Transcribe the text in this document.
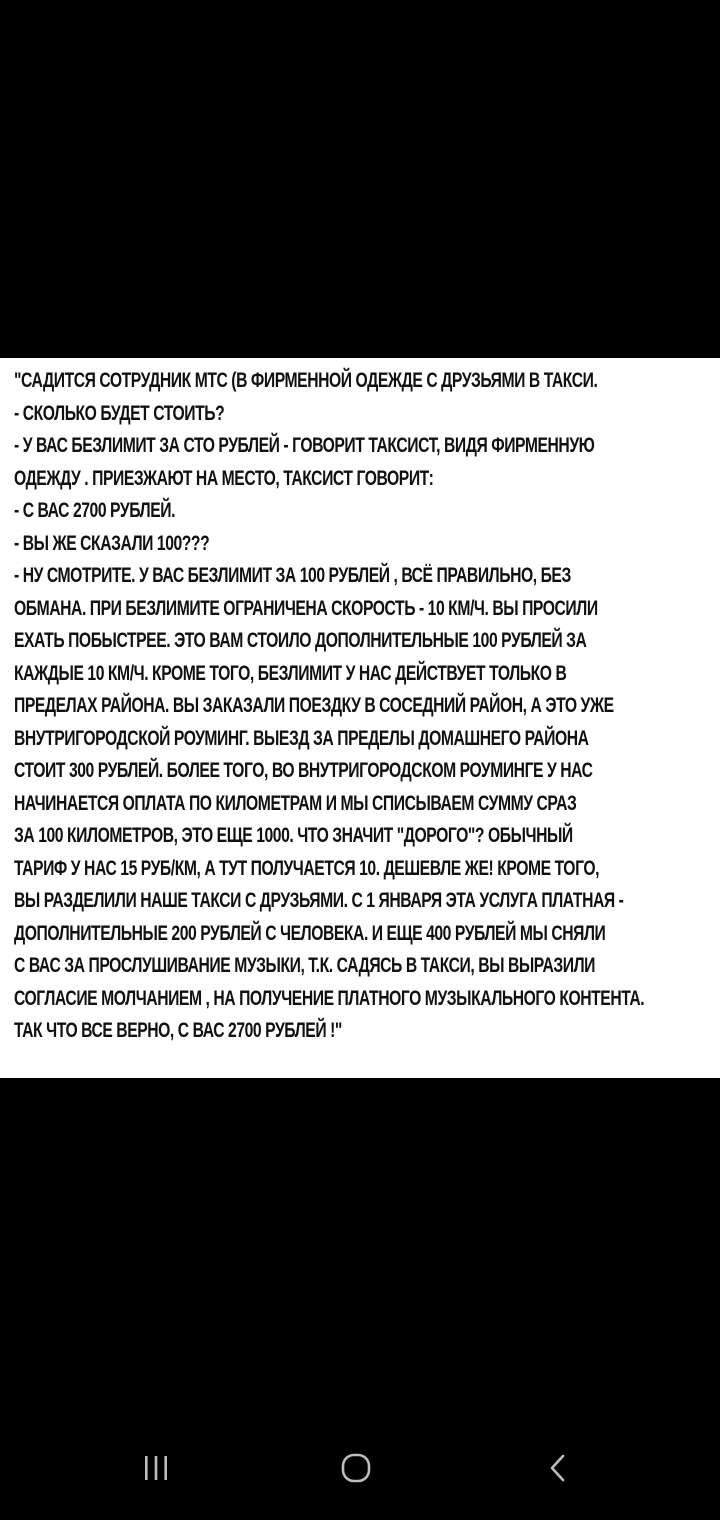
"САДИТСЯ СОТРУДНИК МТС (В ФИРМЕННОЙ ОДЕЖДЕ С ДРУЗЬЯМИ В ТАКСИ.
- СКОЛЬКО БУДЕТ СТОИТЬ?
- У ВАС БЕЗЛИМИТ ЗА СТО РУБЛЕЙ - ГОВОРИТ ТАКСИСТ, ВИДЯ ФИРМЕННУЮ
ОДЕЖДУ . ПРИЕЗЖАЮТ НА МЕСТО, ТАКСИСТ ГОВОРИТ:
- С ВАС 2700 РУБЛЕЙ.
- ВЫ ЖЕ СКАЗАЛИ 100???
- НУ СМОТРИТЕ. У ВАС БЕЗЛИМИТ ЗА 100 РУБЛЕЙ , ВСЁ ПРАВИЛЬНО, БЕЗ
ОБМАНА. ПРИ БЕЗЛИМИТЕ ОГРАНИЧЕНА СКОРОСТЬ - 10 КМ/Ч. ВЫ ПРОСИЛИ
ЕХАТЬ ПОБЫСТРЕЕ. ЭТО ВАМ СТОИЛО ДОПОЛНИТЕЛЬНЫЕ 100 РУБЛЕЙ ЗА
КАЖДЫЕ 10 КМ/Ч. КРОМЕ ТОГО, БЕЗЛИМИТ У НАС ДЕЙСТВУЕТ ТОЛЬКО В
ПРЕДЕЛАХ РАЙОНА. ВЫ ЗАКАЗАЛИ ПОЕЗДКУ В СОСЕДНИЙ РАЙОН, А ЭТО УЖЕ
ВНУТРИГОРОДСКОЙ РОУМИНГ. ВЫЕЗД ЗА ПРЕДЕЛЫ ДОМАШНЕГО РАЙОНА
СТОИТ 300 РУБЛЕЙ. БОЛЕЕ ТОГО, ВО ВНУТРИГОРОДСКОМ РОУМИНГЕ У НАС
НАЧИНАЕТСЯ ОПЛАТА ПО КИЛОМЕТРАМ И МЫ СПИСЫВАЕМ СУММУ СРАЗ
ЗА 100 КИЛОМЕТРОВ, ЭТО ЕЩЕ 1000. ЧТО ЗНАЧИТ "ДОРОГО"? ОБЫЧНЫЙ
ТАРИФ У НАС 15 РУБ/КМ, А ТУТ ПОЛУЧАЕТСЯ 10. ДЕШЕВЛЕ ЖЕ! КРОМЕ ТОГО,
ВЫ РАЗДЕЛИЛИ НАШЕ ТАКСИ С ДРУЗЬЯМИ. С 1 ЯНВАРЯ ЭТА УСЛУГА ПЛАТНАЯ -
ДОПОЛНИТЕЛЬНЫЕ 200 РУБЛЕЙ С ЧЕЛОВЕКА. И ЕЩЕ 400 РУБЛЕЙ МЫ СНЯЛИ
С ВАС ЗА ПРОСЛУШИВАНИЕ МУЗЫКИ, Т.К. САДЯСЬ В ТАКСИ, ВЫ ВЫРАЗИЛИ
СОГЛАСИЕ МОЛЧАНИЕМ , НА ПОЛУЧЕНИЕ ПЛАТНОГО МУЗЫКАЛЬНОГО КОНТЕНТА.
ТАК ЧТО ВСЕ ВЕРНО, С ВАС 2700 РУБЛЕЙ !"
